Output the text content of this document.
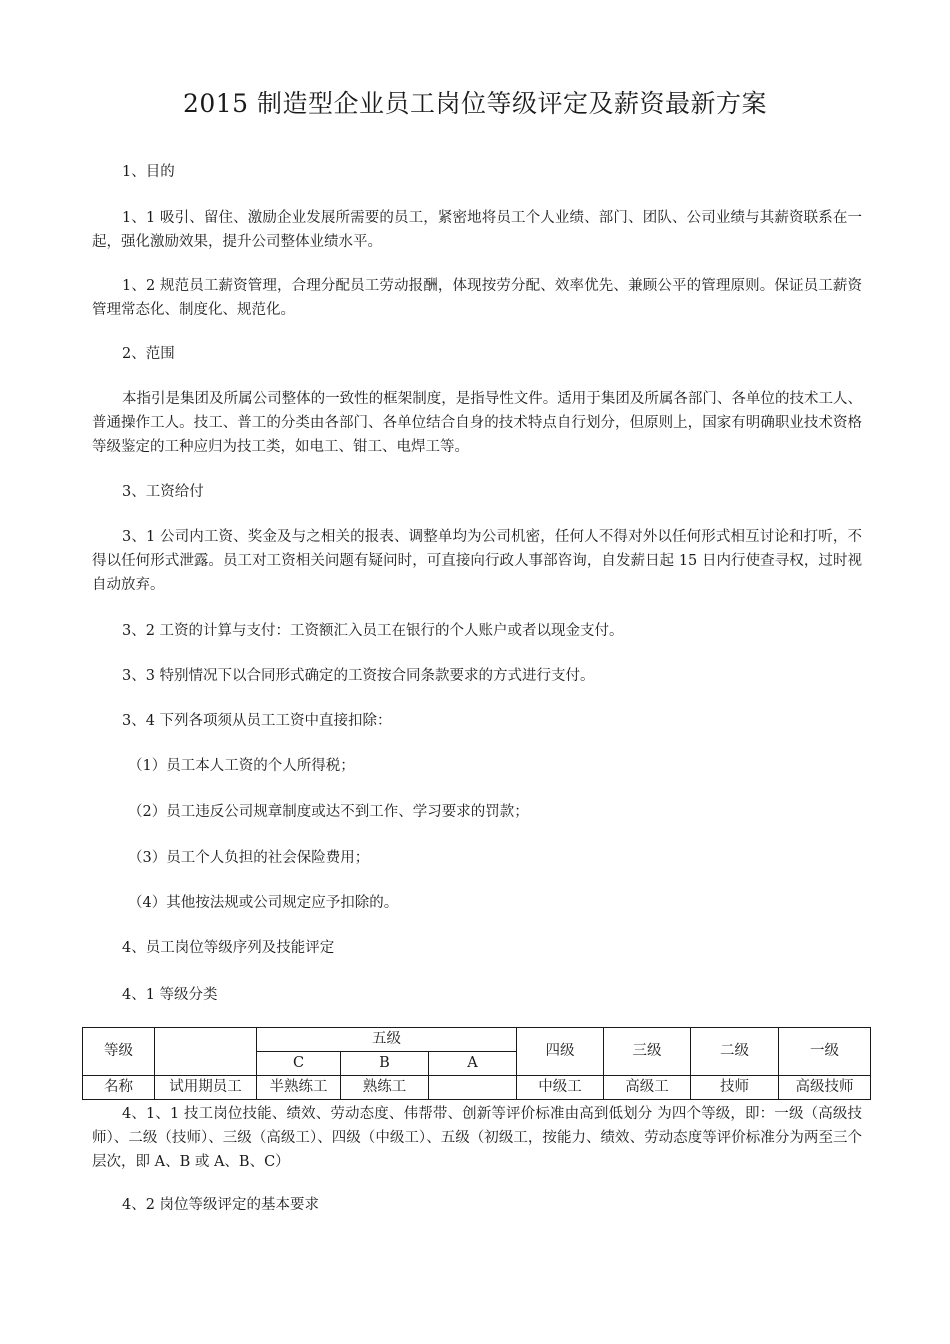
2015 制造型企业员工岗位等级评定及薪资最新方案

1、目的

1、1 吸引、留住、激励企业发展所需要的员工，紧密地将员工个人业绩、部门、团队、公司业绩与其薪资联系在一起，强化激励效果，提升公司整体业绩水平。

1、2 规范员工薪资管理，合理分配员工劳动报酬，体现按劳分配、效率优先、兼顾公平的管理原则。保证员工薪资管理常态化、制度化、规范化。

2、范围

本指引是集团及所属公司整体的一致性的框架制度，是指导性文件。适用于集团及所属各部门、各单位的技术工人、普通操作工人。技工、普工的分类由各部门、各单位结合自身的技术特点自行划分，但原则上，国家有明确职业技术资格等级鉴定的工种应归为技工类，如电工、钳工、电焊工等。

3、工资给付

3、1 公司内工资、奖金及与之相关的报表、调整单均为公司机密，任何人不得对外以任何形式相互讨论和打听，不得以任何形式泄露。员工对工资相关问题有疑问时，可直接向行政人事部咨询，自发薪日起 15 日内行使查寻权，过时视自动放弃。

3、2 工资的计算与支付：工资额汇入员工在银行的个人账户或者以现金支付。

3、3 特别情况下以合同形式确定的工资按合同条款要求的方式进行支付。

3、4 下列各项须从员工工资中直接扣除：

（1）员工本人工资的个人所得税；

（2）员工违反公司规章制度或达不到工作、学习要求的罚款；

（3）员工个人负担的社会保险费用；

（4）其他按法规或公司规定应予扣除的。

4、员工岗位等级序列及技能评定

4、1 等级分类

等级		五级			四级	三级	二级	一级
		C	B	A				
名称	试用期员工	半熟练工	熟练工		中级工	高级工	技师	高级技师

4、1、1 技工岗位技能、绩效、劳动态度、伟帮带、创新等评价标准由高到低划分 为四个等级，即：一级（高级技师）、二级（技师）、三级（高级工）、四级（中级工）、五级（初级工，按能力、绩效、劳动态度等评价标准分为两至三个层次，即 A、B 或 A、B、C）

4、2 岗位等级评定的基本要求
